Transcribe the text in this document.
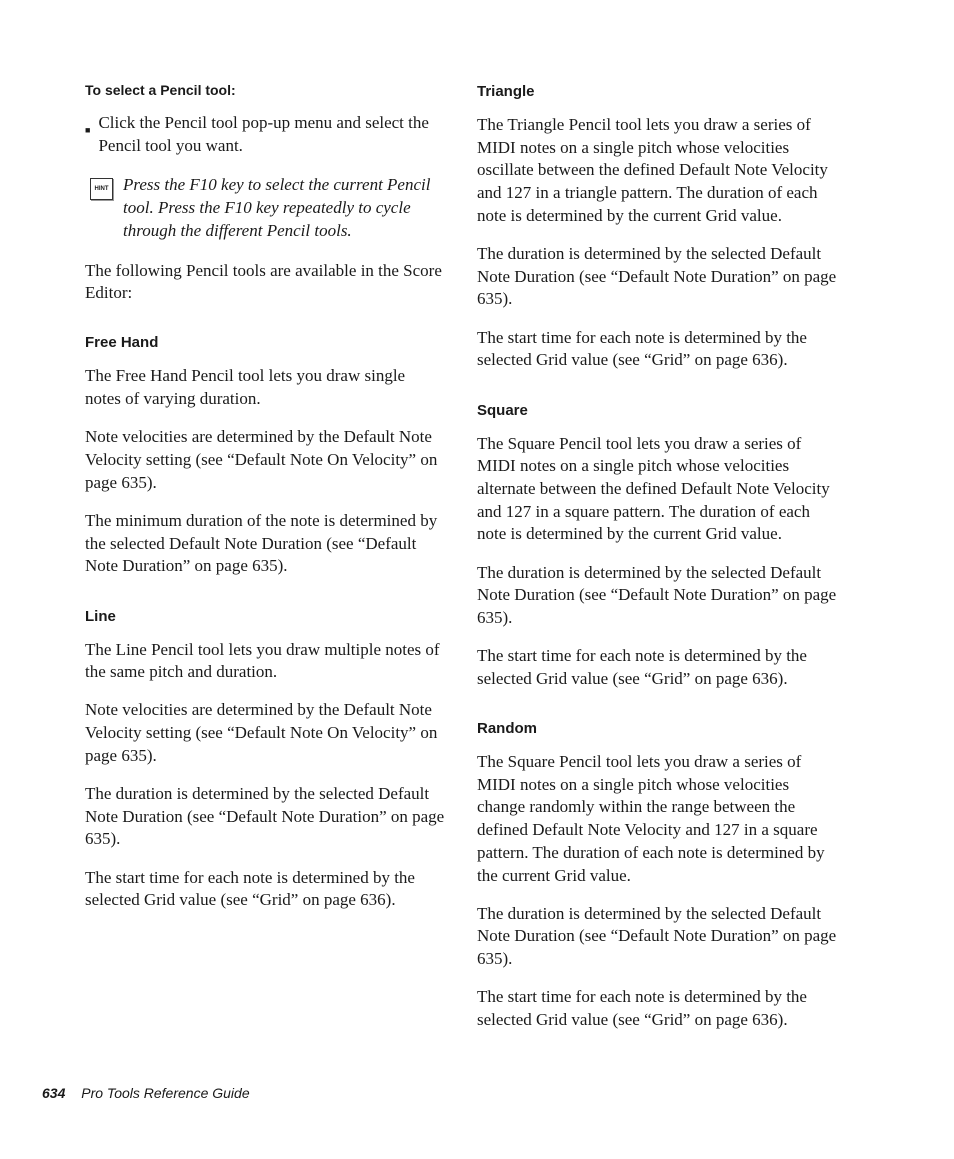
To select a Pencil tool:
■ Click the Pencil tool pop-up menu and select the Pencil tool you want.
HINT Press the F10 key to select the current Pencil tool. Press the F10 key repeatedly to cycle through the different Pencil tools.

The following Pencil tools are available in the Score Editor:

Free Hand

The Free Hand Pencil tool lets you draw single notes of varying duration.

Note velocities are determined by the Default Note Velocity setting (see “Default Note On Velocity” on page 635).

The minimum duration of the note is determined by the selected Default Note Duration (see “Default Note Duration” on page 635).

Line

The Line Pencil tool lets you draw multiple notes of the same pitch and duration.

Note velocities are determined by the Default Note Velocity setting (see “Default Note On Velocity” on page 635).

The duration is determined by the selected Default Note Duration (see “Default Note Duration” on page 635).

The start time for each note is determined by the selected Grid value (see “Grid” on page 636).

Triangle

The Triangle Pencil tool lets you draw a series of MIDI notes on a single pitch whose velocities oscillate between the defined Default Note Velocity and 127 in a triangle pattern. The duration of each note is determined by the current Grid value.

The duration is determined by the selected Default Note Duration (see “Default Note Duration” on page 635).

The start time for each note is determined by the selected Grid value (see “Grid” on page 636).

Square

The Square Pencil tool lets you draw a series of MIDI notes on a single pitch whose velocities alternate between the defined Default Note Velocity and 127 in a square pattern. The duration of each note is determined by the current Grid value.

The duration is determined by the selected Default Note Duration (see “Default Note Duration” on page 635).

The start time for each note is determined by the selected Grid value (see “Grid” on page 636).

Random

The Square Pencil tool lets you draw a series of MIDI notes on a single pitch whose velocities change randomly within the range between the defined Default Note Velocity and 127 in a square pattern. The duration of each note is determined by the current Grid value.

The duration is determined by the selected Default Note Duration (see “Default Note Duration” on page 635).

The start time for each note is determined by the selected Grid value (see “Grid” on page 636).

634 Pro Tools Reference Guide
